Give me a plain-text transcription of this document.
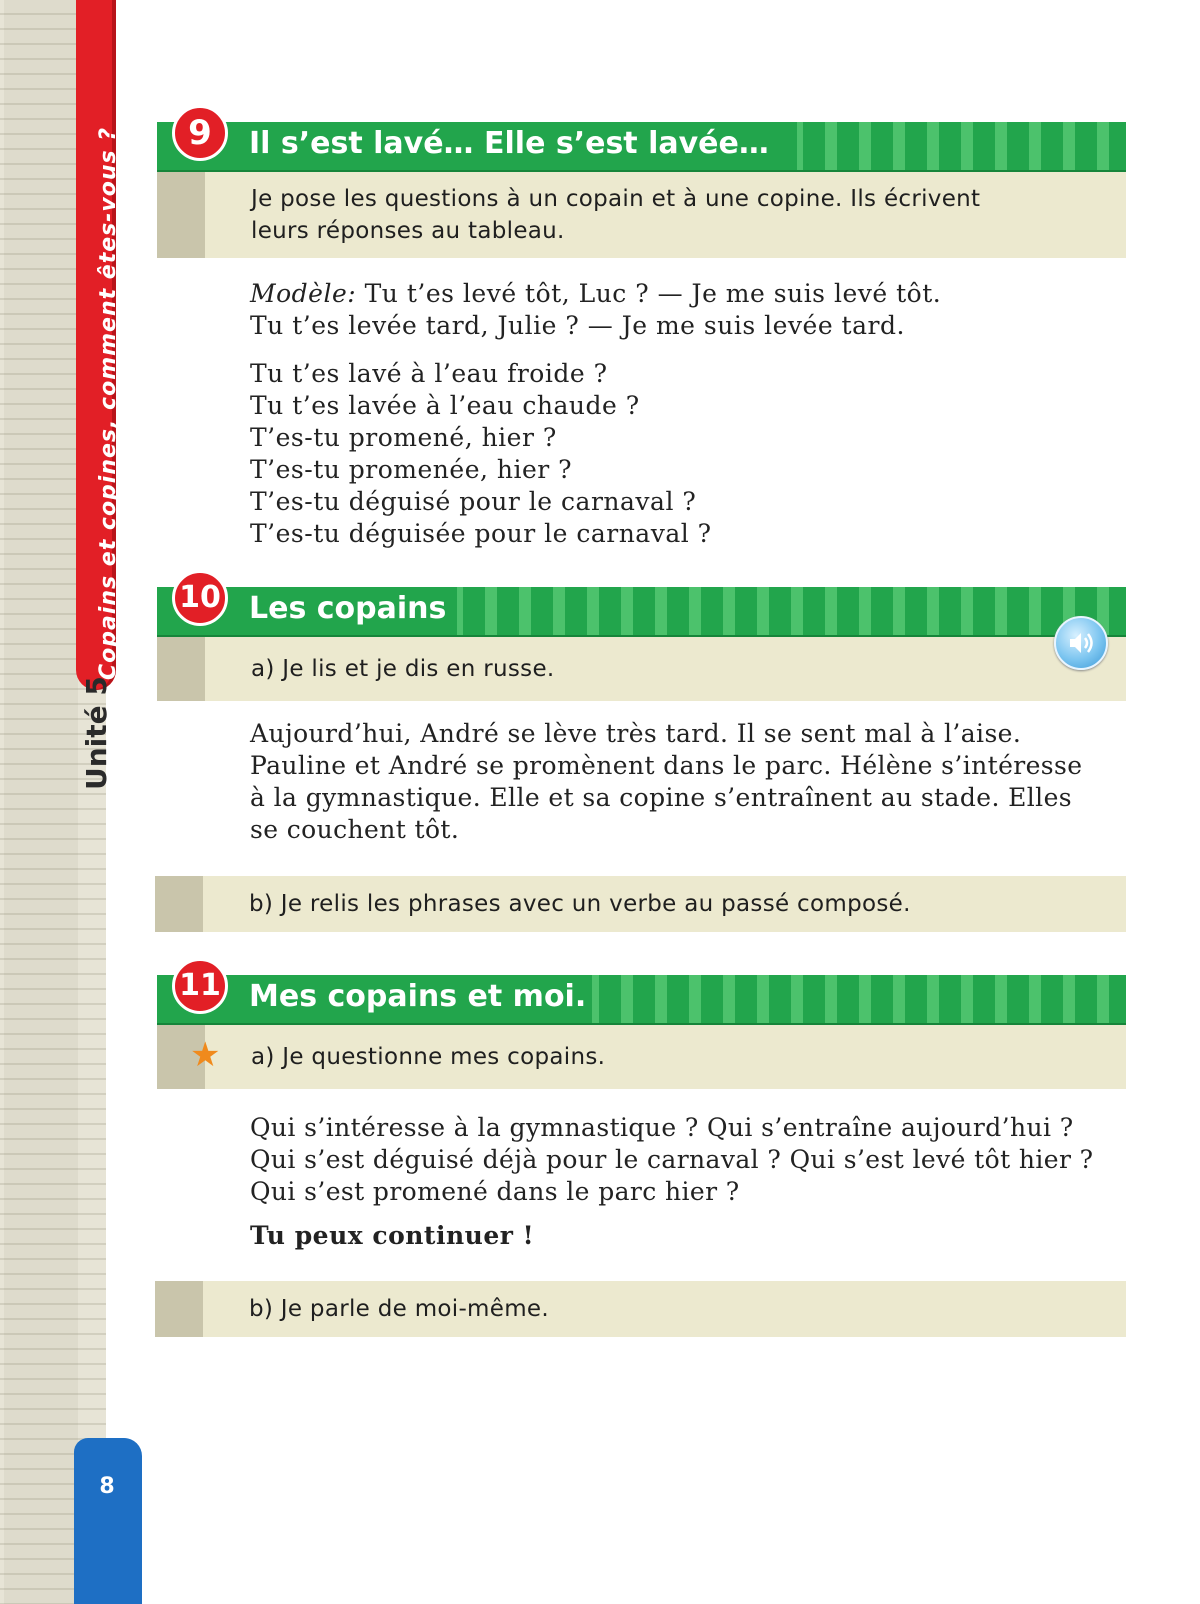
Copains et copines, comment êtes-vous ?
Unité 5
8
Il s’est lavé… Elle s’est lavée…
9
Je pose les questions à un copain et à une copine. Ils écrivent
leurs réponses au tableau.
Modèle: Tu t’es levé tôt, Luc ? — Je me suis levé tôt.
Tu t’es levée tard, Julie ? — Je me suis levée tard.
Tu t’es lavé à l’eau froide ?
Tu t’es lavée à l’eau chaude ?
T’es-tu promené, hier ?
T’es-tu promenée, hier ?
T’es-tu déguisé pour le carnaval ?
T’es-tu déguisée pour le carnaval ?
Les copains
10
a) Je lis et je dis en russe.
Aujourd’hui, André se lève très tard. Il se sent mal à l’aise.
Pauline et André se promènent dans le parc. Hélène s’intéresse
à la gymnastique. Elle et sa copine s’entraînent au stade. Elles
se couchent tôt.
b) Je relis les phrases avec un verbe au passé composé.
Mes copains et moi.
11
a) Je questionne mes copains.
★
Qui s’intéresse à la gymnastique ? Qui s’entraîne aujourd’hui ?
Qui s’est déguisé déjà pour le carnaval ? Qui s’est levé tôt hier ?
Qui s’est promené dans le parc hier ?
Tu peux continuer !
b) Je parle de moi-même.
